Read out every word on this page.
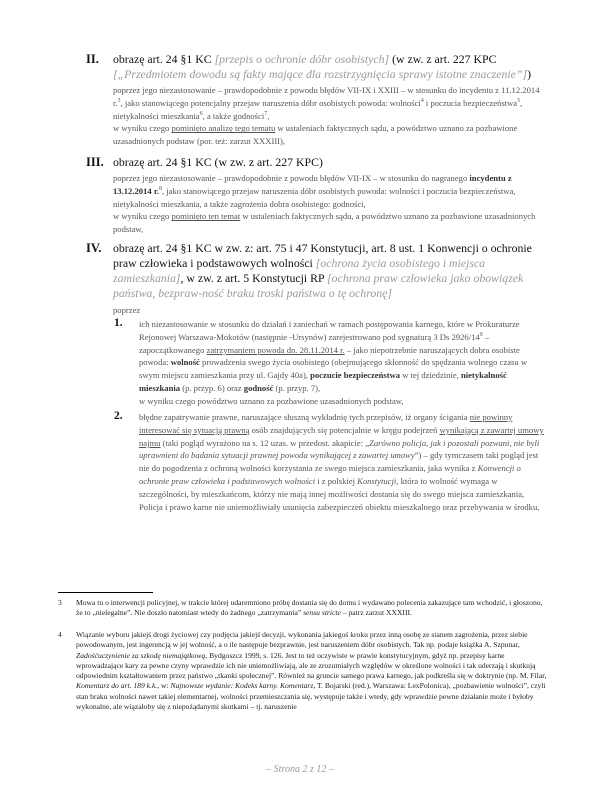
II. obrazę art. 24 §1 KC [przepis o ochronie dóbr osobistych] (w zw. z art. 227 KPC [„Przedmiotem dowodu są fakty mające dla rozstrzygnięcia sprawy istotne znaczenie”])
poprzez jego niezastosowanie – prawdopodobnie z powodu błędów VII-IX i XXIII – w stosunku do incydentu z 11.12.2014 r.$^3$, jako stanowiącego potencjalny przejaw naruszenia dóbr osobistych powoda: wolności$^4$ i poczucia bezpieczeństwa$^5$, nietykalności mieszkania$^6$, a także godności$^7$,
w wyniku czego pominięto analizę tego tematu w ustaleniach faktycznych sądu, a powództwo uznano za pozbawione uzasadnionych podstaw (por. też: zarzut XXXIII),
III. obrazę art. 24 §1 KC (w zw. z art. 227 KPC)
poprzez jego niezastosowanie – prawdopodobnie z powodu błędów VII-IX – w stosunku do nagranego incydentu z 13.12.2014 r.$^8$, jako stanowiącego przejaw naruszenia dóbr osobistych powoda: wolności i poczucia bezpieczeństwa, nietykalności mieszkania, a także zagrożenia dobra osobistego: godności,
w wyniku czego pominięto ten temat w ustaleniach faktycznych sądu, a powództwo uznano za pozbawione uzasadnionych podstaw,
IV. obrazę art. 24 §1 KC w zw. z: art. 75 i 47 Konstytucji, art. 8 ust. 1 Konwencji o ochronie praw człowieka i podstawowych wolności [ochrona życia osobistego i miejsca zamieszkania], w zw. z art. 5 Konstytucji RP [ochrona praw człowieka jako obowiązek państwa, bezpraw-ność braku troski państwa o tę ochronę]
poprzez
1. ich niezastosowanie w stosunku do działań i zaniechań w ramach postępowania karnego, które w Prokuraturze Rejonowej Warszawa-Mokotów (następnie -Ursynów) zarejestrowano pod sygnaturą 3 Ds $2926/14^9$ – zapoczątkowanego zatrzymaniem powoda dn. 28.11.2014 r. – jako niepotrzebnie naruszających dobra osobiste powoda: wolność prowadzenia swego życia osobistego (obejmującego skłonność do spędzania wolnego czasu w swym miejscu zamieszkania przy ul. Gajdy 40a), poczucie bezpieczeństwa w tej dziedzinie, nietykalność mieszkania (p. przyp. 6) oraz godność (p. przyp. 7),
w wyniku czego powództwo uznano za pozbawione uzasadnionych podstaw,
2. błędne zapatrywanie prawne, naruszające słuszną wykładnię tych przepisów, iż organy ścigania nie powinny interesować się sytuacją prawną osób znajdujących się potencjalnie w kręgu podejrzeń wynikającą z zawartej umowy najmu (taki pogląd wyrażono na s. 12 uzas. w przedost. akapicie: „Zarówno policja, jak i pozostali pozwani, nie byli uprawnieni do badania sytuacji prawnej powoda wynikającej z zawartej umowy”) – gdy tymczasem taki pogląd jest nie do pogodzenia z ochroną wolności korzystania ze swego miejsca zamieszkania, jaka wynika z Konwencji o ochronie praw człowieka i podstawowych wolności i z polskiej Konstytucji, która to wolność wymaga w szczególności, by mieszkańcom, którzy nie mają innej możliwości dostania się do swego miejsca zamieszkania, Policja i prawo karne nie uniemożliwiały usunięcia zabezpieczeń obiektu mieszkalnego oraz przebywania w środku,
3 Mowa tu o interwencji policyjnej, w trakcie której udaremniono próbę dostania się do domu i wydawano polecenia zakazujące tam wchodzić, i głoszono, że to „nielegalne”. Nie doszło natomiast wtedy do żadnego „zatrzymania” sensu stricte – patrz zarzut XXXIII.
4 Wiązanie wyboru jakiejś drogi życiowej czy podjęcia jakiejś decyzji, wykonania jakiegoś kroku przez inną osobę ze stanem zagrożenia, przez siebie powodowanym, jest ingerencją w jej wolność, a o ile następuje bezprawnie, jest naruszeniem dóbr osobistych. Tak np. podaje książka A. Szpunar, Zadośćuczynienie za szkodę niemajątkową, Bydgoszcz 1999, s. 126. Jest to też oczywiste w prawie konstytucyjnym, gdyż np. przepisy karne wprowadzające kary za pewne czyny wprawdzie ich nie uniemożliwiają, ale ze zrozumiałych względów w określone wolności i tak uderzają i skutkują odpowiednim kształtowaniem przez państwo „tkanki społecznej”. Również na gruncie samego prawa karnego, jak podkreśla się w doktrynie (np. M. Filar, Komentarz do art. 189 k.k., w: Najnowsze wydanie: Kodeks karny. Komentarz, T. Bojarski (red.), Warszawa: LexPolonica), „pozbawienie wolności”, czyli stan braku wolności nawet takiej elementarnej, wolności przemieszczania się, występuje także i wtedy, gdy wprawdzie pewne działanie może i byłoby wykonalne, ale wiązałoby się z niepożądanymi skutkami – tj. naruszenie
– Strona 2 z 12 –
